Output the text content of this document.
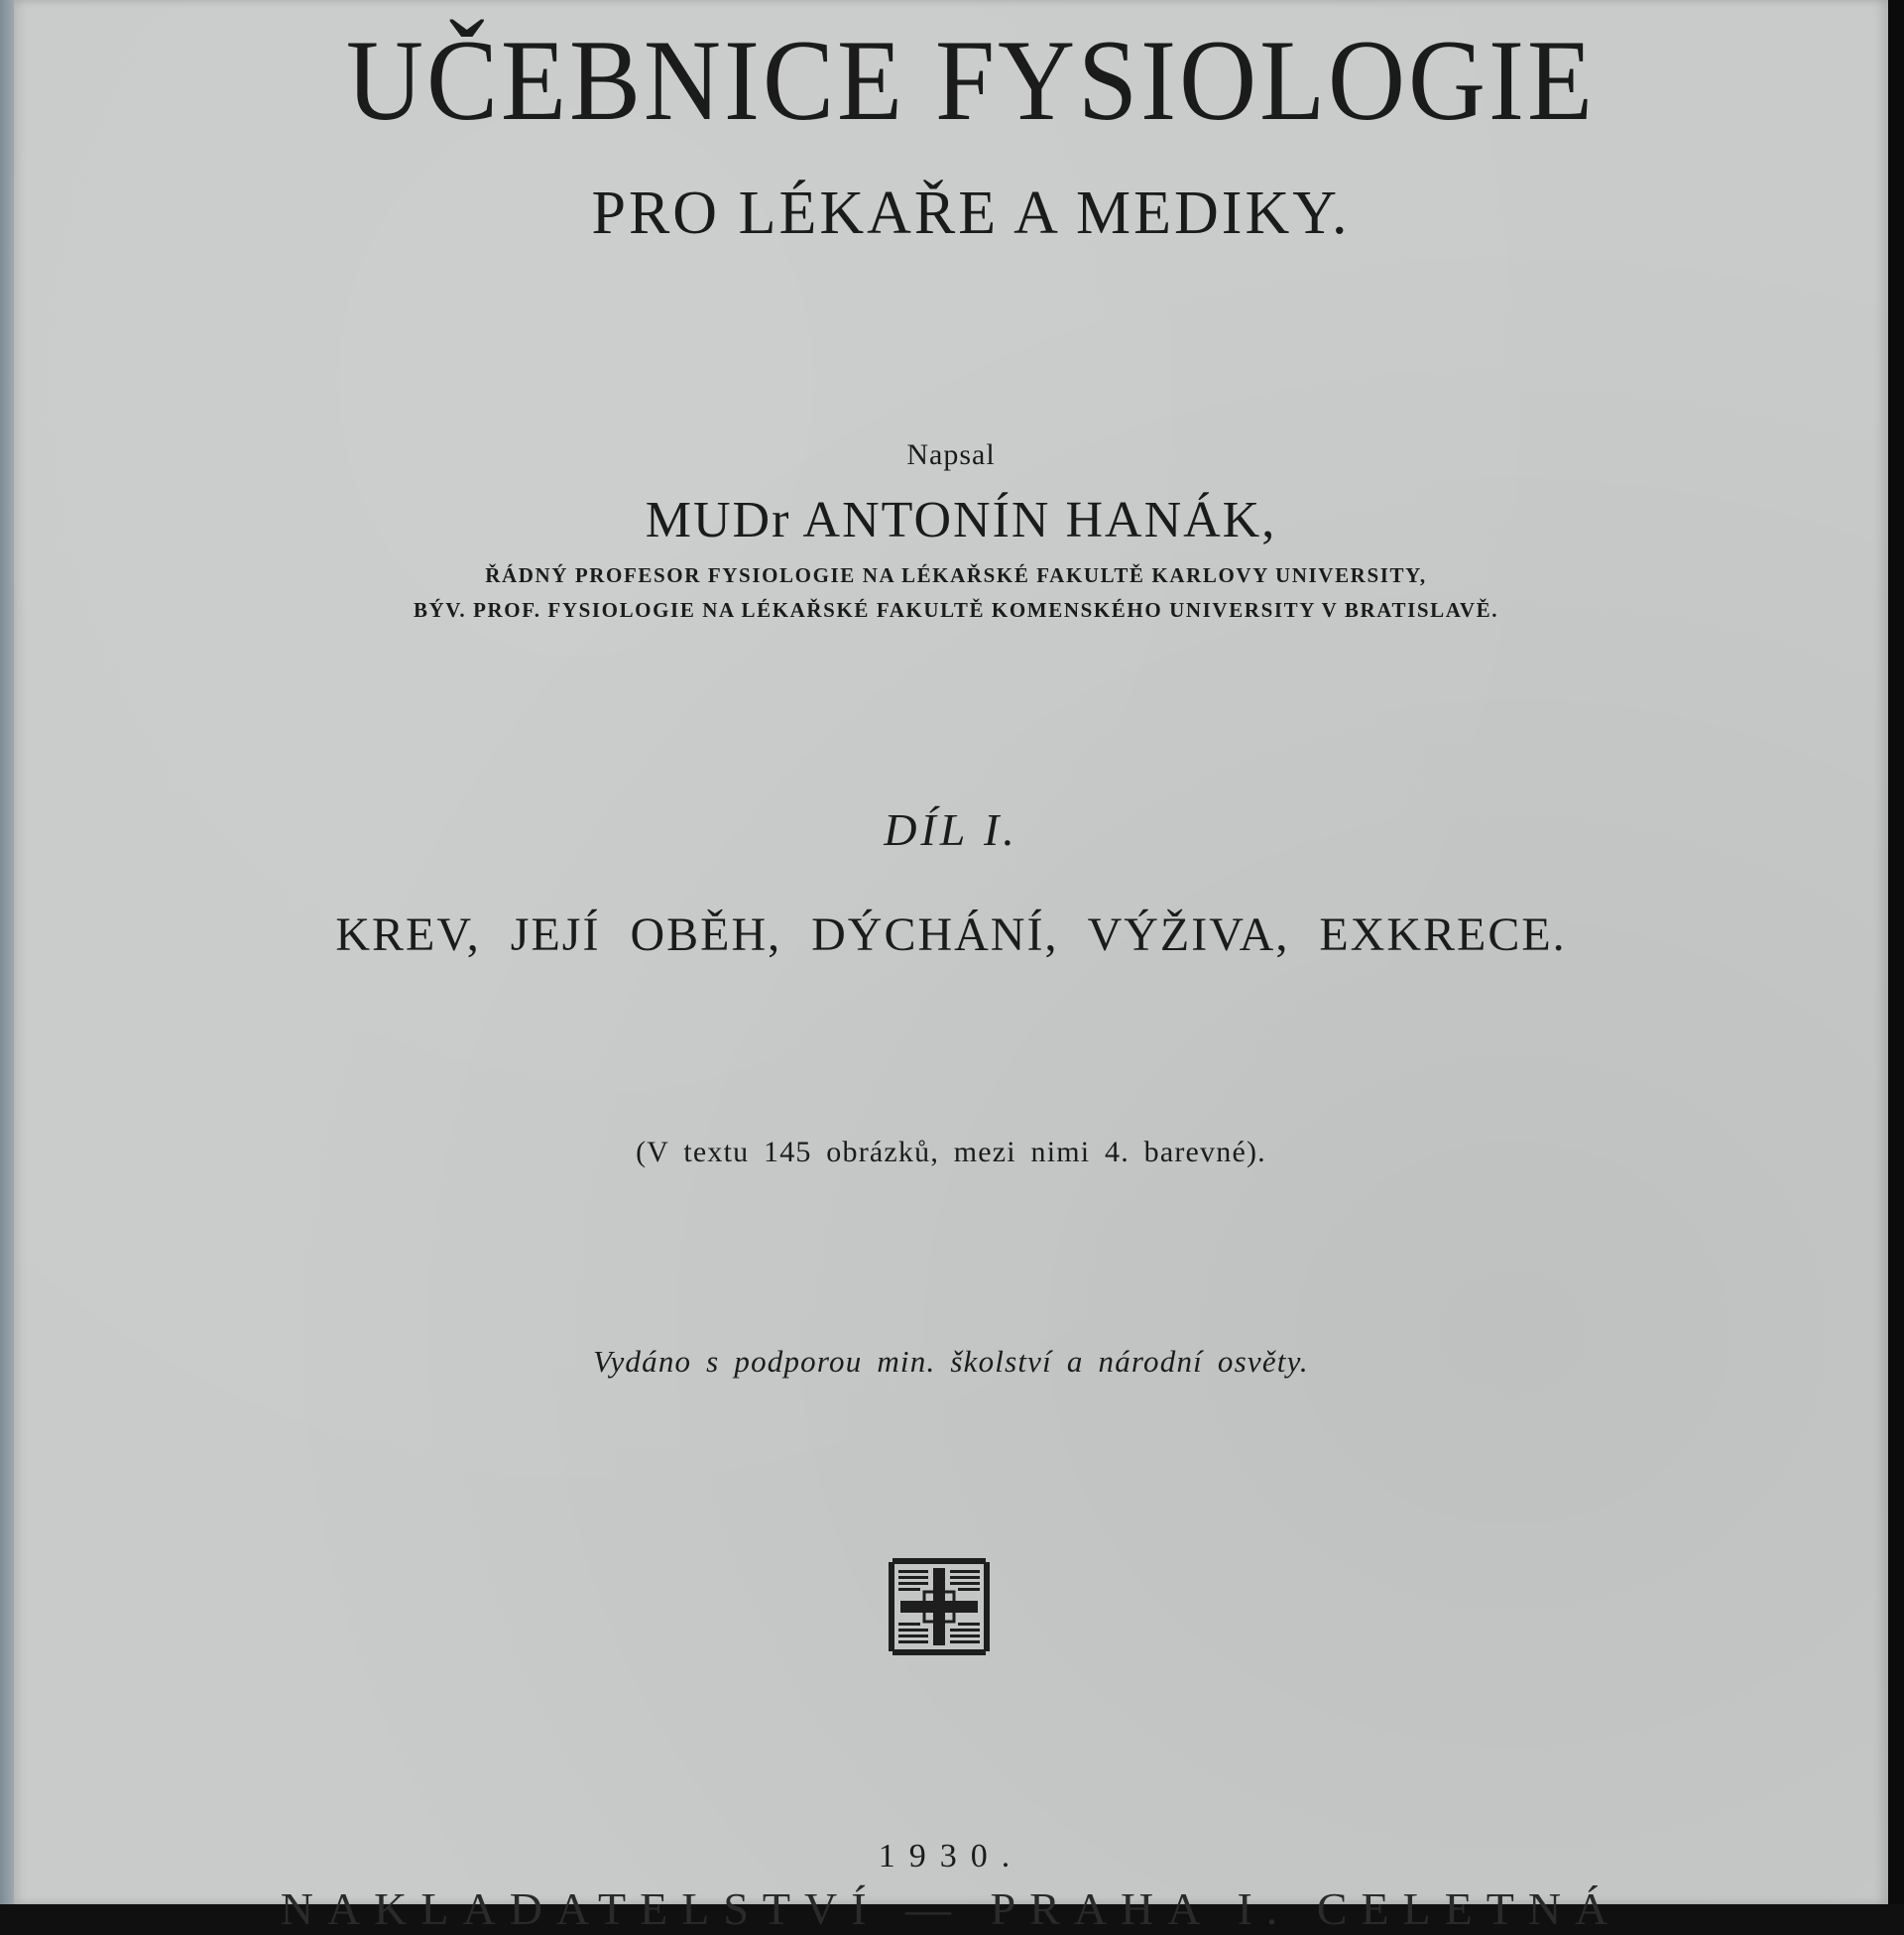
UČEBNICE FYSIOLOGIE
PRO LÉKAŘE A MEDIKY.
Napsal
MUDr ANTONÍN HANÁK,
ŘÁDNÝ PROFESOR FYSIOLOGIE NA LÉKAŘSKÉ FAKULTĚ KARLOVY UNIVERSITY,
BÝV. PROF. FYSIOLOGIE NA LÉKAŘSKÉ FAKULTĚ KOMENSKÉHO UNIVERSITY V BRATISLAVĚ.
DÍL I.
KREV, JEJÍ OBĚH, DÝCHÁNÍ, VÝŽIVA, EXKRECE.
(V textu 145 obrázků, mezi nimi 4. barevné).
Vydáno s podporou min. školství a národní osvěty.
1930.
NAKLADATELSTVÍ — PRAHA I. CELETNÁ
